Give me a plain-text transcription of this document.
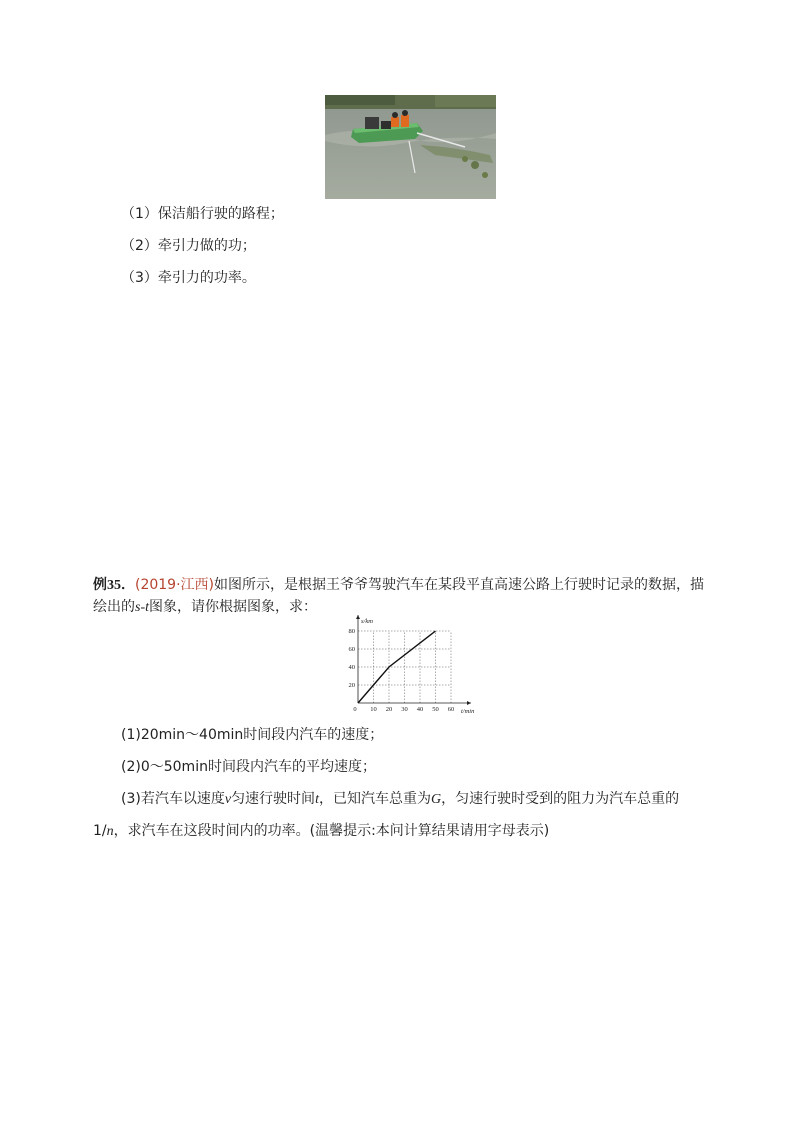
（1）保洁船行驶的路程；
（2）牵引力做的功；
（3）牵引力的功率。
例35．(2019·江西)如图所示，是根据王爷爷驾驶汽车在某段平直高速公路上行驶时记录的数据，描
绘出的s-t图象，请你根据图象，求：
0 10 20 30 40 50 60
20
40
60
80
t/min
s/km
(1)20min～40min时间段内汽车的速度；
(2)0～50min时间段内汽车的平均速度；
(3)若汽车以速度v匀速行驶时间t，已知汽车总重为G，匀速行驶时受到的阻力为汽车总重的
1/n，求汽车在这段时间内的功率。(温馨提示:本问计算结果请用字母表示)
